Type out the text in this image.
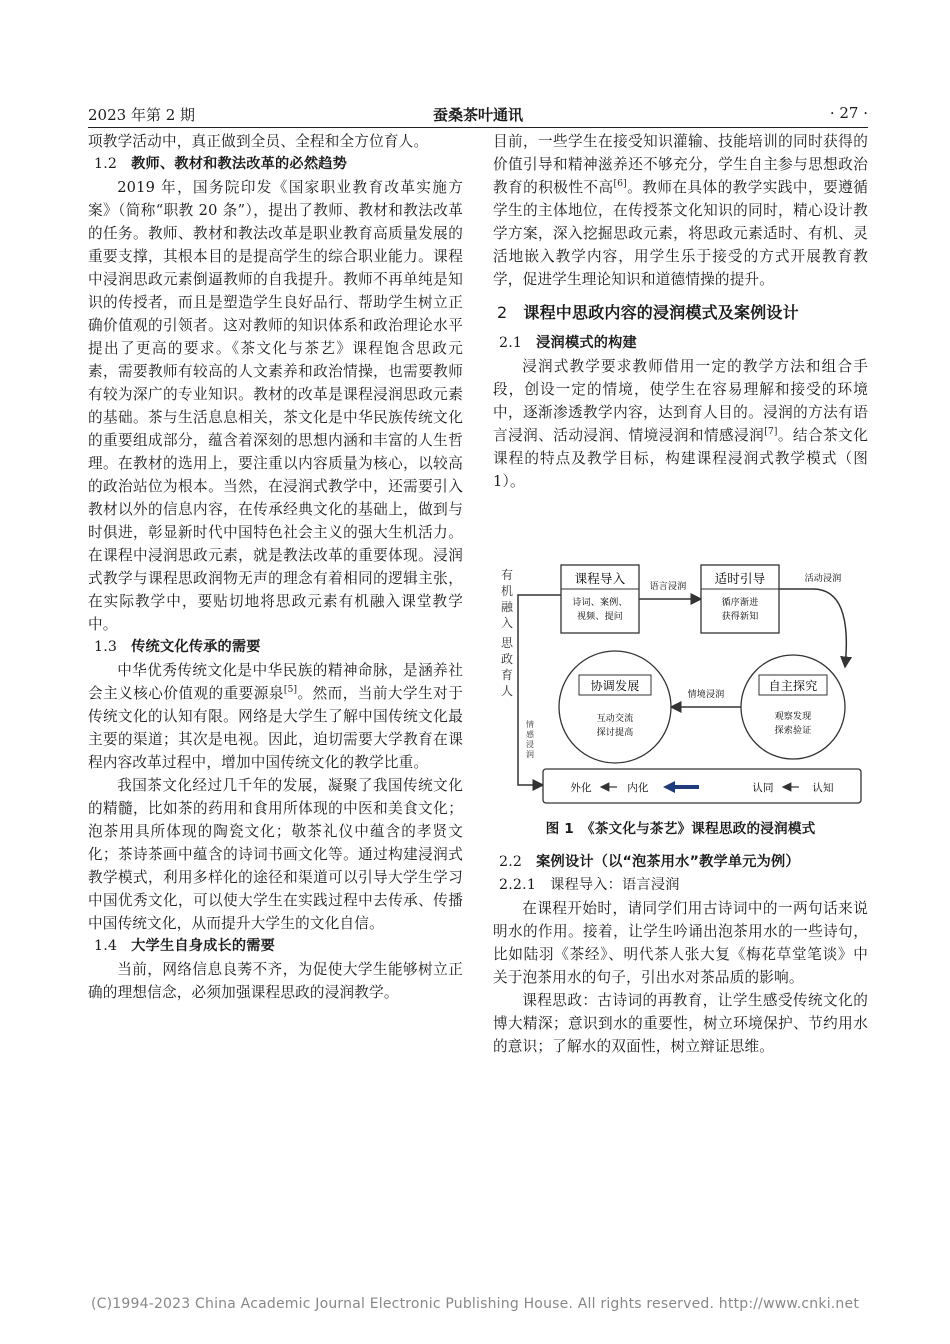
2023 年第 2 期	蚕桑茶叶通讯	· 27 ·

项教学活动中，真正做到全员、全程和全方位育人。

1.2 教师、教材和教法改革的必然趋势

2019 年，国务院印发《国家职业教育改革实施方案》（简称“职教 20 条”），提出了教师、教材和教法改革的任务。教师、教材和教法改革是职业教育高质量发展的重要支撑，其根本目的是提高学生的综合职业能力。课程中浸润思政元素倒逼教师的自我提升。教师不再单纯是知识的传授者，而且是塑造学生良好品行、帮助学生树立正确价值观的引领者。这对教师的知识体系和政治理论水平提出了更高的要求。《茶文化与茶艺》课程饱含思政元素，需要教师有较高的人文素养和政治情操，也需要教师有较为深广的专业知识。教材的改革是课程浸润思政元素的基础。茶与生活息息相关，茶文化是中华民族传统文化的重要组成部分，蕴含着深刻的思想内涵和丰富的人生哲理。在教材的选用上，要注重以内容质量为核心，以较高的政治站位为根本。当然，在浸润式教学中，还需要引入教材以外的信息内容，在传承经典文化的基础上，做到与时俱进，彰显新时代中国特色社会主义的强大生机活力。在课程中浸润思政元素，就是教法改革的重要体现。浸润式教学与课程思政润物无声的理念有着相同的逻辑主张，在实际教学中，要贴切地将思政元素有机融入课堂教学中。

1.3 传统文化传承的需要

中华优秀传统文化是中华民族的精神命脉，是涵养社会主义核心价值观的重要源泉[5]。然而，当前大学生对于传统文化的认知有限。网络是大学生了解中国传统文化最主要的渠道；其次是电视。因此，迫切需要大学教育在课程内容改革过程中，增加中国传统文化的教学比重。

我国茶文化经过几千年的发展，凝聚了我国传统文化的精髓，比如茶的药用和食用所体现的中医和美食文化；泡茶用具所体现的陶瓷文化；敬茶礼仪中蕴含的孝贤文化；茶诗茶画中蕴含的诗词书画文化等。通过构建浸润式教学模式，利用多样化的途径和渠道可以引导大学生学习中国优秀文化，可以使大学生在实践过程中去传承、传播中国传统文化，从而提升大学生的文化自信。

1.4 大学生自身成长的需要

当前，网络信息良莠不齐，为促使大学生能够树立正确的理想信念，必须加强课程思政的浸润教学。

目前，一些学生在接受知识灌输、技能培训的同时获得的价值引导和精神滋养还不够充分，学生自主参与思想政治教育的积极性不高[6]。教师在具体的教学实践中，要遵循学生的主体地位，在传授茶文化知识的同时，精心设计教学方案，深入挖掘思政元素，将思政元素适时、有机、灵活地嵌入教学内容，用学生乐于接受的方式开展教育教学，促进学生理论知识和道德情操的提升。

2 课程中思政内容的浸润模式及案例设计
2.1 浸润模式的构建

浸润式教学要求教师借用一定的教学方法和组合手段，创设一定的情境，使学生在容易理解和接受的环境中，逐渐渗透教学内容，达到育人目的。浸润的方法有语言浸润、活动浸润、情境浸润和情感浸润[7]。结合茶文化课程的特点及教学目标，构建课程浸润式教学模式（图 1）。

课程导入
诗词、案例、
视频、提问
语言浸润
适时引导
循序渐进
获得新知
活动浸润
自主探究
观察发现
探索验证
情境浸润
协调发展
互动交流
探讨提高
有机融入 思政育人
情感浸润
外化	内化	认同	认知
图 1　《茶文化与茶艺》课程思政的浸润模式
2.2 案例设计（以“泡茶用水”教学单元为例）
2.2.1 课程导入：语言浸润

在课程开始时，请同学们用古诗词中的一两句话来说明水的作用。接着，让学生吟诵出泡茶用水的一些诗句，比如陆羽《茶经》、明代茶人张大复《梅花草堂笔谈》中关于泡茶用水的句子，引出水对茶品质的影响。

课程思政：古诗词的再教育，让学生感受传统文化的博大精深；意识到水的重要性，树立环境保护、节约用水的意识；了解水的双面性，树立辩证思维。

(C)1994-2023 China Academic Journal Electronic Publishing House. All rights reserved. http://www.cnki.net
